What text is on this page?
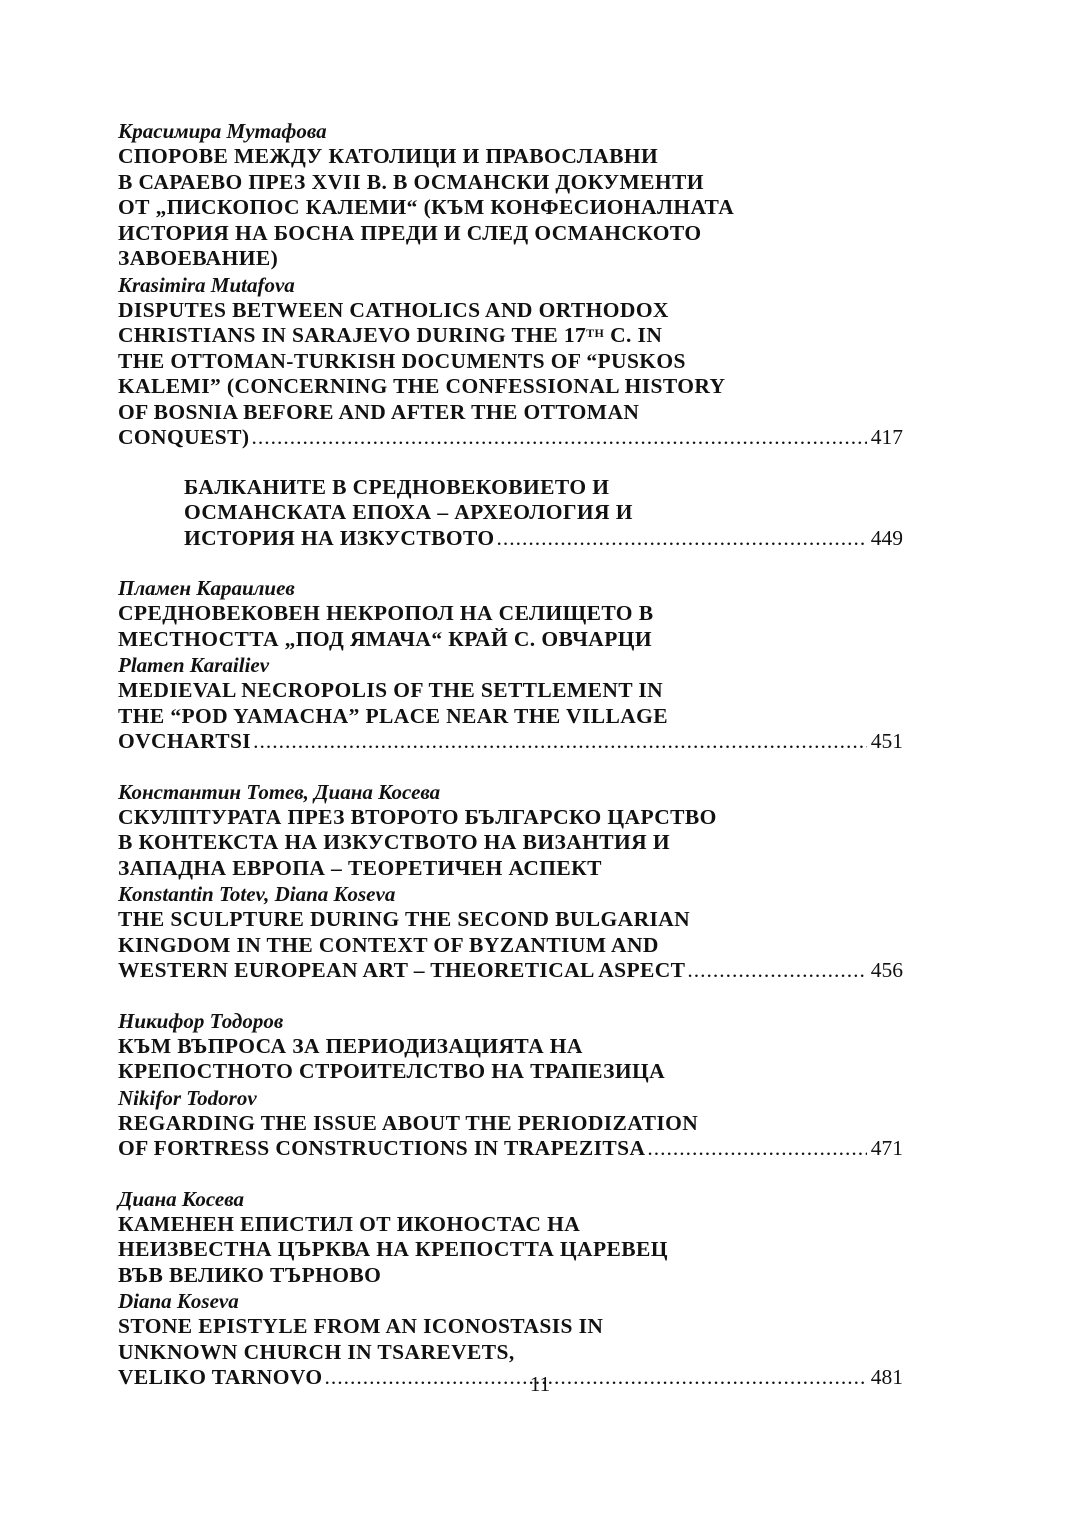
Красимира Мутафова
СПОРОВЕ МЕЖДУ КАТОЛИЦИ И ПРАВОСЛАВНИ
В САРАЕВО ПРЕЗ XVII В. В ОСМАНСКИ ДОКУМЕНТИ
ОТ „ПИСКОПОС КАЛЕМИ“ (КЪМ КОНФЕСИОНАЛНАТА
ИСТОРИЯ НА БОСНА ПРЕДИ И СЛЕД ОСМАНСКОТО
ЗАВОЕВАНИЕ)
Krasimira Mutafova
DISPUTES BETWEEN CATHOLICS AND ORTHODOX
CHRISTIANS IN SARAJEVO DURING THE 17TH C. IN
THE OTTOMAN-TURKISH DOCUMENTS OF “PUSKOS
KALEMI” (CONCERNING THE CONFESSIONAL HISTORY
OF BOSNIA BEFORE AND AFTER THE OTTOMAN
CONQUEST) .....	417
БАЛКАНИТЕ В СРЕДНОВЕКОВИЕТО И
ОСМАНСКАТА ЕПОХА – АРХЕОЛОГИЯ И
ИСТОРИЯ НА ИЗКУСТВОТО .....	449
Пламен Караилиев
СРЕДНОВЕКОВЕН НЕКРОПОЛ НА СЕЛИЩЕТО В
МЕСТНОСТТА „ПОД ЯМАЧА“ КРАЙ С. ОВЧАРЦИ
Plamen Karailiev
MEDIEVAL NECROPOLIS OF THE SETTLEMENT IN
THE “POD YAMACHA” PLACE NEAR THE VILLAGE
OVCHARTSI .....	451
Константин Тотев, Диана Косева
СКУЛПТУРАТА ПРЕЗ ВТОРОТО БЪЛГАРСКО ЦАРСТВО
В КОНТЕКСТА НА ИЗКУСТВОТО НА ВИЗАНТИЯ И
ЗАПАДНА ЕВРОПА – ТЕОРЕТИЧЕН АСПЕКТ
Konstantin Totev, Diana Koseva
THE SCULPTURE DURING THE SECOND BULGARIAN
KINGDOM IN THE CONTEXT OF BYZANTIUM AND
WESTERN EUROPEAN ART – THEORETICAL ASPECT .....	456
Никифор Тодоров
КЪМ ВЪПРОСА ЗА ПЕРИОДИЗАЦИЯТА НА
КРЕПОСТНОТО СТРОИТЕЛСТВО НА ТРАПЕЗИЦА
Nikifor Todorov
REGARDING THE ISSUE ABOUT THE PERIODIZATION
OF FORTRESS CONSTRUCTIONS IN TRAPEZITSA .....	471
Диана Косева
КАМЕНЕН ЕПИСТИЛ ОТ ИКОНОСТАС НА
НЕИЗВЕСТНА ЦЪРКВА НА КРЕПОСТТА ЦАРЕВЕЦ
ВЪВ ВЕЛИКО ТЪРНОВО
Diana Koseva
STONE EPISTYLE FROM AN ICONOSTASIS IN
UNKNOWN CHURCH IN TSAREVETS,
VELIKO TARNOVO .....	481
11
